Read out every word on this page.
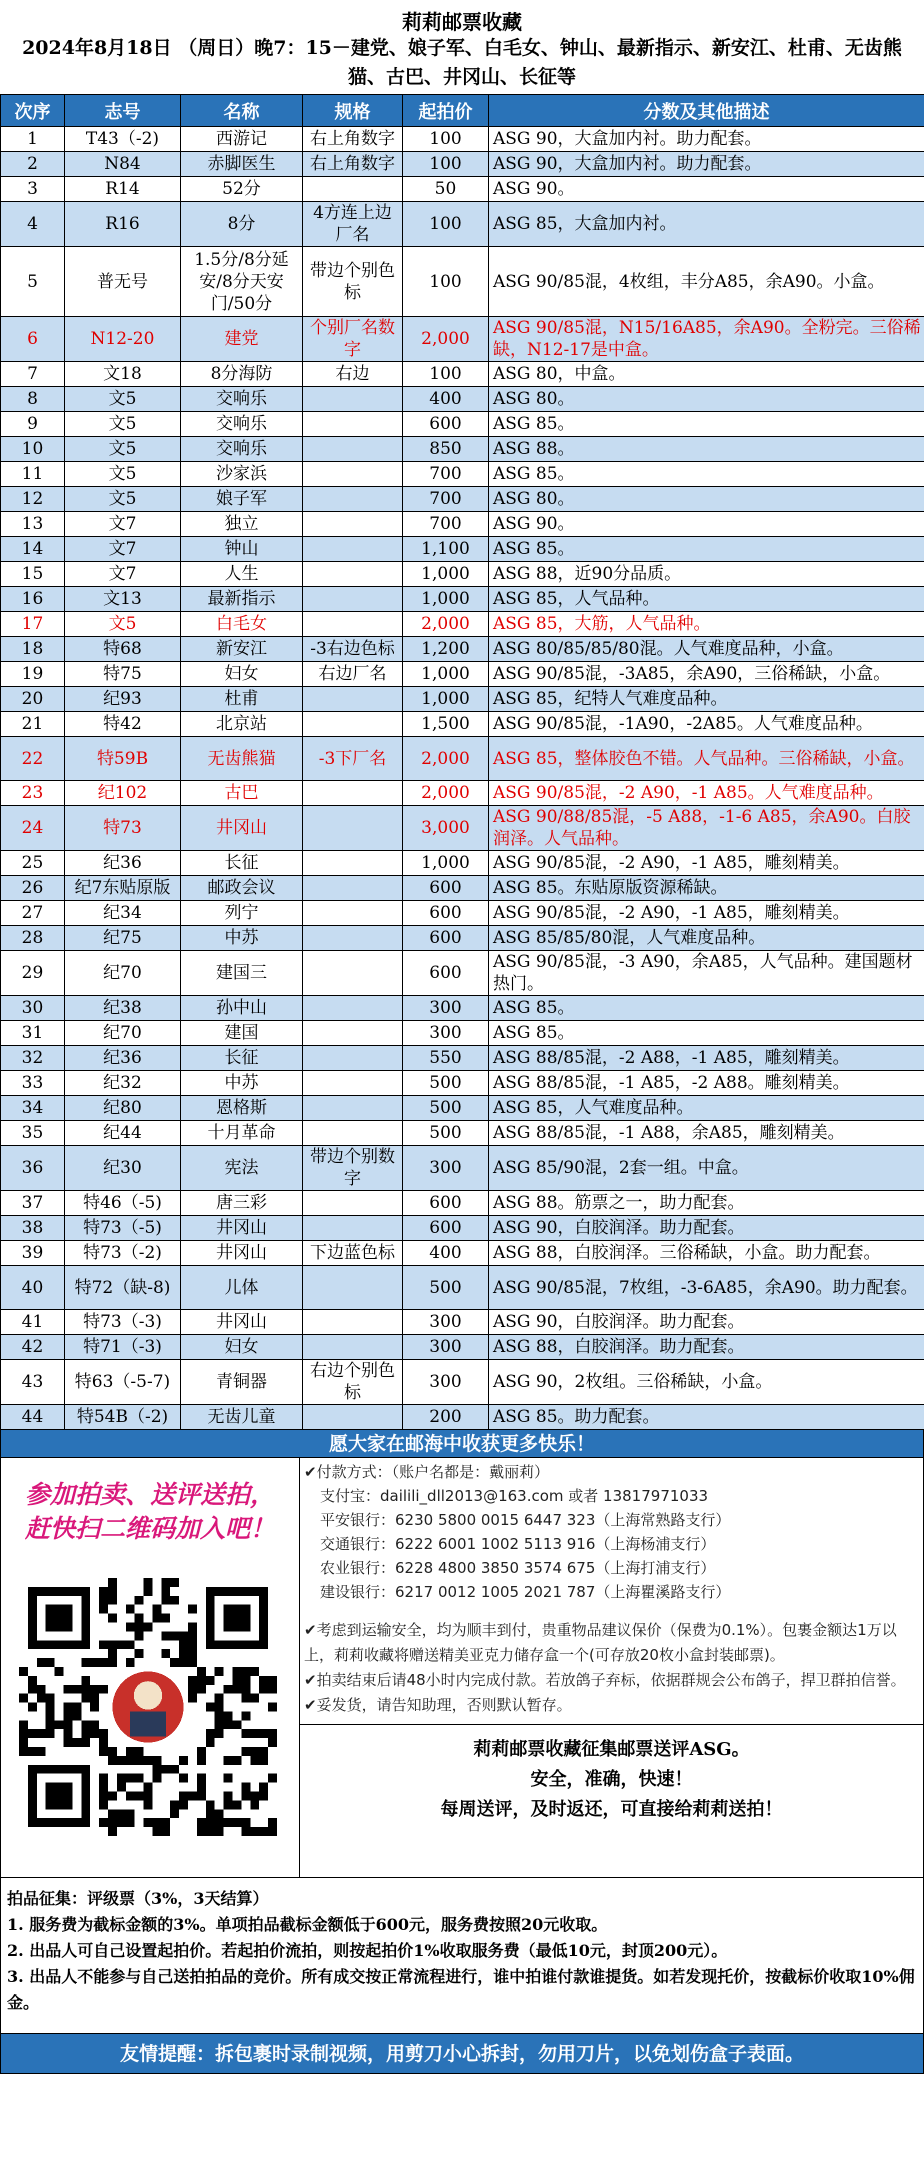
莉莉邮票收藏
2024年8月18日 （周日）晚7：15－建党、娘子军、白毛女、钟山、最新指示、新安江、杜甫、无齿熊猫、古巴、井冈山、长征等
次序	志号	名称	规格	起拍价	分数及其他描述
1	T43（-2)	西游记	右上角数字	100	ASG 90，大盒加内衬。助力配套。
2	N84	赤脚医生	右上角数字	100	ASG 90，大盒加内衬。助力配套。
3	R14	52分		50	ASG 90。
4	R16	8分	4方连上边厂名	100	ASG 85，大盒加内衬。
5	普无号	1.5分/8分延安/8分天安门/50分	带边个别色标	100	ASG 90/85混，4枚组，丰分A85，余A90。小盒。
6	N12-20	建党	个别厂名数字	2,000	ASG 90/85混，N15/16A85，余A90。全粉完。三俗稀缺，N12-17是中盒。
7	文18	8分海防	右边	100	ASG 80，中盒。
8	文5	交响乐		400	ASG 80。
9	文5	交响乐		600	ASG 85。
10	文5	交响乐		850	ASG 88。
11	文5	沙家浜		700	ASG 85。
12	文5	娘子军		700	ASG 80。
13	文7	独立		700	ASG 90。
14	文7	钟山		1,100	ASG 85。
15	文7	人生		1,000	ASG 88，近90分品质。
16	文13	最新指示		1,000	ASG 85，人气品种。
17	文5	白毛女		2,000	ASG 85，大筋，人气品种。
18	特68	新安江	-3右边色标	1,200	ASG 80/85/85/80混。人气难度品种，小盒。
19	特75	妇女	右边厂名	1,000	ASG 90/85混，-3A85，余A90，三俗稀缺，小盒。
20	纪93	杜甫		1,000	ASG 85，纪特人气难度品种。
21	特42	北京站		1,500	ASG 90/85混，-1A90，-2A85。人气难度品种。
22	特59B	无齿熊猫	-3下厂名	2,000	ASG 85，整体胶色不错。人气品种。三俗稀缺，小盒。
23	纪102	古巴		2,000	ASG 90/85混，-2 A90，-1 A85。人气难度品种。
24	特73	井冈山		3,000	ASG 90/88/85混，-5 A88，-1-6 A85，余A90。白胶润泽。人气品种。
25	纪36	长征		1,000	ASG 90/85混，-2 A90，-1 A85，雕刻精美。
26	纪7东贴原版	邮政会议		600	ASG 85。东贴原版资源稀缺。
27	纪34	列宁		600	ASG 90/85混，-2 A90，-1 A85，雕刻精美。
28	纪75	中苏		600	ASG 85/85/80混，人气难度品种。
29	纪70	建国三		600	ASG 90/85混，-3 A90，余A85，人气品种。建国题材热门。
30	纪38	孙中山		300	ASG 85。
31	纪70	建国		300	ASG 85。
32	纪36	长征		550	ASG 88/85混，-2 A88，-1 A85，雕刻精美。
33	纪32	中苏		500	ASG 88/85混，-1 A85，-2 A88。雕刻精美。
34	纪80	恩格斯		500	ASG 85，人气难度品种。
35	纪44	十月革命		500	ASG 88/85混，-1 A88，余A85，雕刻精美。
36	纪30	宪法	带边个别数字	300	ASG 85/90混，2套一组。中盒。
37	特46（-5)	唐三彩		600	ASG 88。筋票之一，助力配套。
38	特73（-5)	井冈山		600	ASG 90，白胶润泽。助力配套。
39	特73（-2)	井冈山	下边蓝色标	400	ASG 88，白胶润泽。三俗稀缺，小盒。助力配套。
40	特72（缺-8)	儿体		500	ASG 90/85混，7枚组，-3-6A85，余A90。助力配套。
41	特73（-3)	井冈山		300	ASG 90，白胶润泽。助力配套。
42	特71（-3)	妇女		300	ASG 88，白胶润泽。助力配套。
43	特63（-5-7)	青铜器	右边个别色标	300	ASG 90，2枚组。三俗稀缺，小盒。
44	特54B（-2)	无齿儿童		200	ASG 85。助力配套。
愿大家在邮海中收获更多快乐！
参加拍卖、送评送拍，
赶快扫二维码加入吧！
✔付款方式：（账户名都是：戴丽莉）
支付宝：dailili_dll2013@163.com 或者 13817971033
平安银行：6230 5800 0015 6447 323（上海常熟路支行）
交通银行：6222 6001 1002 5113 916（上海杨浦支行）
农业银行：6228 4800 3850 3574 675（上海打浦支行）
建设银行：6217 0012 1005 2021 787（上海瞿溪路支行）
✔考虑到运输安全，均为顺丰到付，贵重物品建议保价（保费为0.1%）。包裹金额达1万以上，莉莉收藏将赠送精美亚克力储存盒一个(可存放20枚小盒封装邮票)。
✔拍卖结束后请48小时内完成付款。若放鸽子弃标，依据群规会公布鸽子，捍卫群拍信誉。
✔妥发货，请告知助理，否则默认暂存。
莉莉邮票收藏征集邮票送评ASG。
安全，准确，快速！
每周送评，及时返还，可直接给莉莉送拍！
拍品征集：评级票（3%，3天结算）
1. 服务费为截标金额的3%。单项拍品截标金额低于600元，服务费按照20元收取。
2. 出品人可自己设置起拍价。若起拍价流拍，则按起拍价1%收取服务费（最低10元，封顶200元）。
3. 出品人不能参与自己送拍拍品的竞价。所有成交按正常流程进行，谁中拍谁付款谁提货。如若发现托价，按截标价收取10%佣金。
友情提醒：拆包裹时录制视频，用剪刀小心拆封，勿用刀片，以免划伤盒子表面。
